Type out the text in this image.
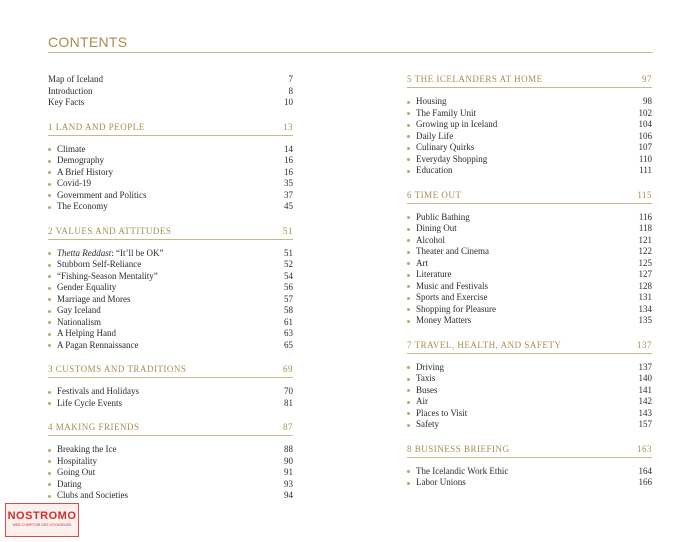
CONTENTS
Map of Iceland	7
Introduction	8
Key Facts	10
1 LAND AND PEOPLE	13
Climate	14
Demography	16
A Brief History	16
Covid-19	35
Government and Politics	37
The Economy	45
2 VALUES AND ATTITUDES	51
Thetta Reddast: “It’ll be OK”	51
Stubborn Self-Reliance	52
“Fishing-Season Mentality”	54
Gender Equality	56
Marriage and Mores	57
Gay Iceland	58
Nationalism	61
A Helping Hand	63
A Pagan Rennaissance	65
3 CUSTOMS AND TRADITIONS	69
Festivals and Holidays	70
Life Cycle Events	81
4 MAKING FRIENDS	87
Breaking the Ice	88
Hospitality	90
Going Out	91
Dating	93
Clubs and Societies	94
5 THE ICELANDERS AT HOME	97
Housing	98
The Family Unit	102
Growing up in Iceland	104
Daily Life	106
Culinary Quirks	107
Everyday Shopping	110
Education	111
6 TIME OUT	115
Public Bathing	116
Dining Out	118
Alcohol	121
Theater and Cinema	122
Art	125
Literature	127
Music and Festivals	128
Sports and Exercise	131
Shopping for Pleasure	134
Money Matters	135
7 TRAVEL, HEALTH, AND SAFETY	137
Driving	137
Taxis	140
Buses	141
Air	142
Places to Visit	143
Safety	157
8 BUSINESS BRIEFING	163
The Icelandic Work Ethic	164
Labor Unions	166
NOSTROMO
WEB COMPTOIR DES VOYAGEURS
